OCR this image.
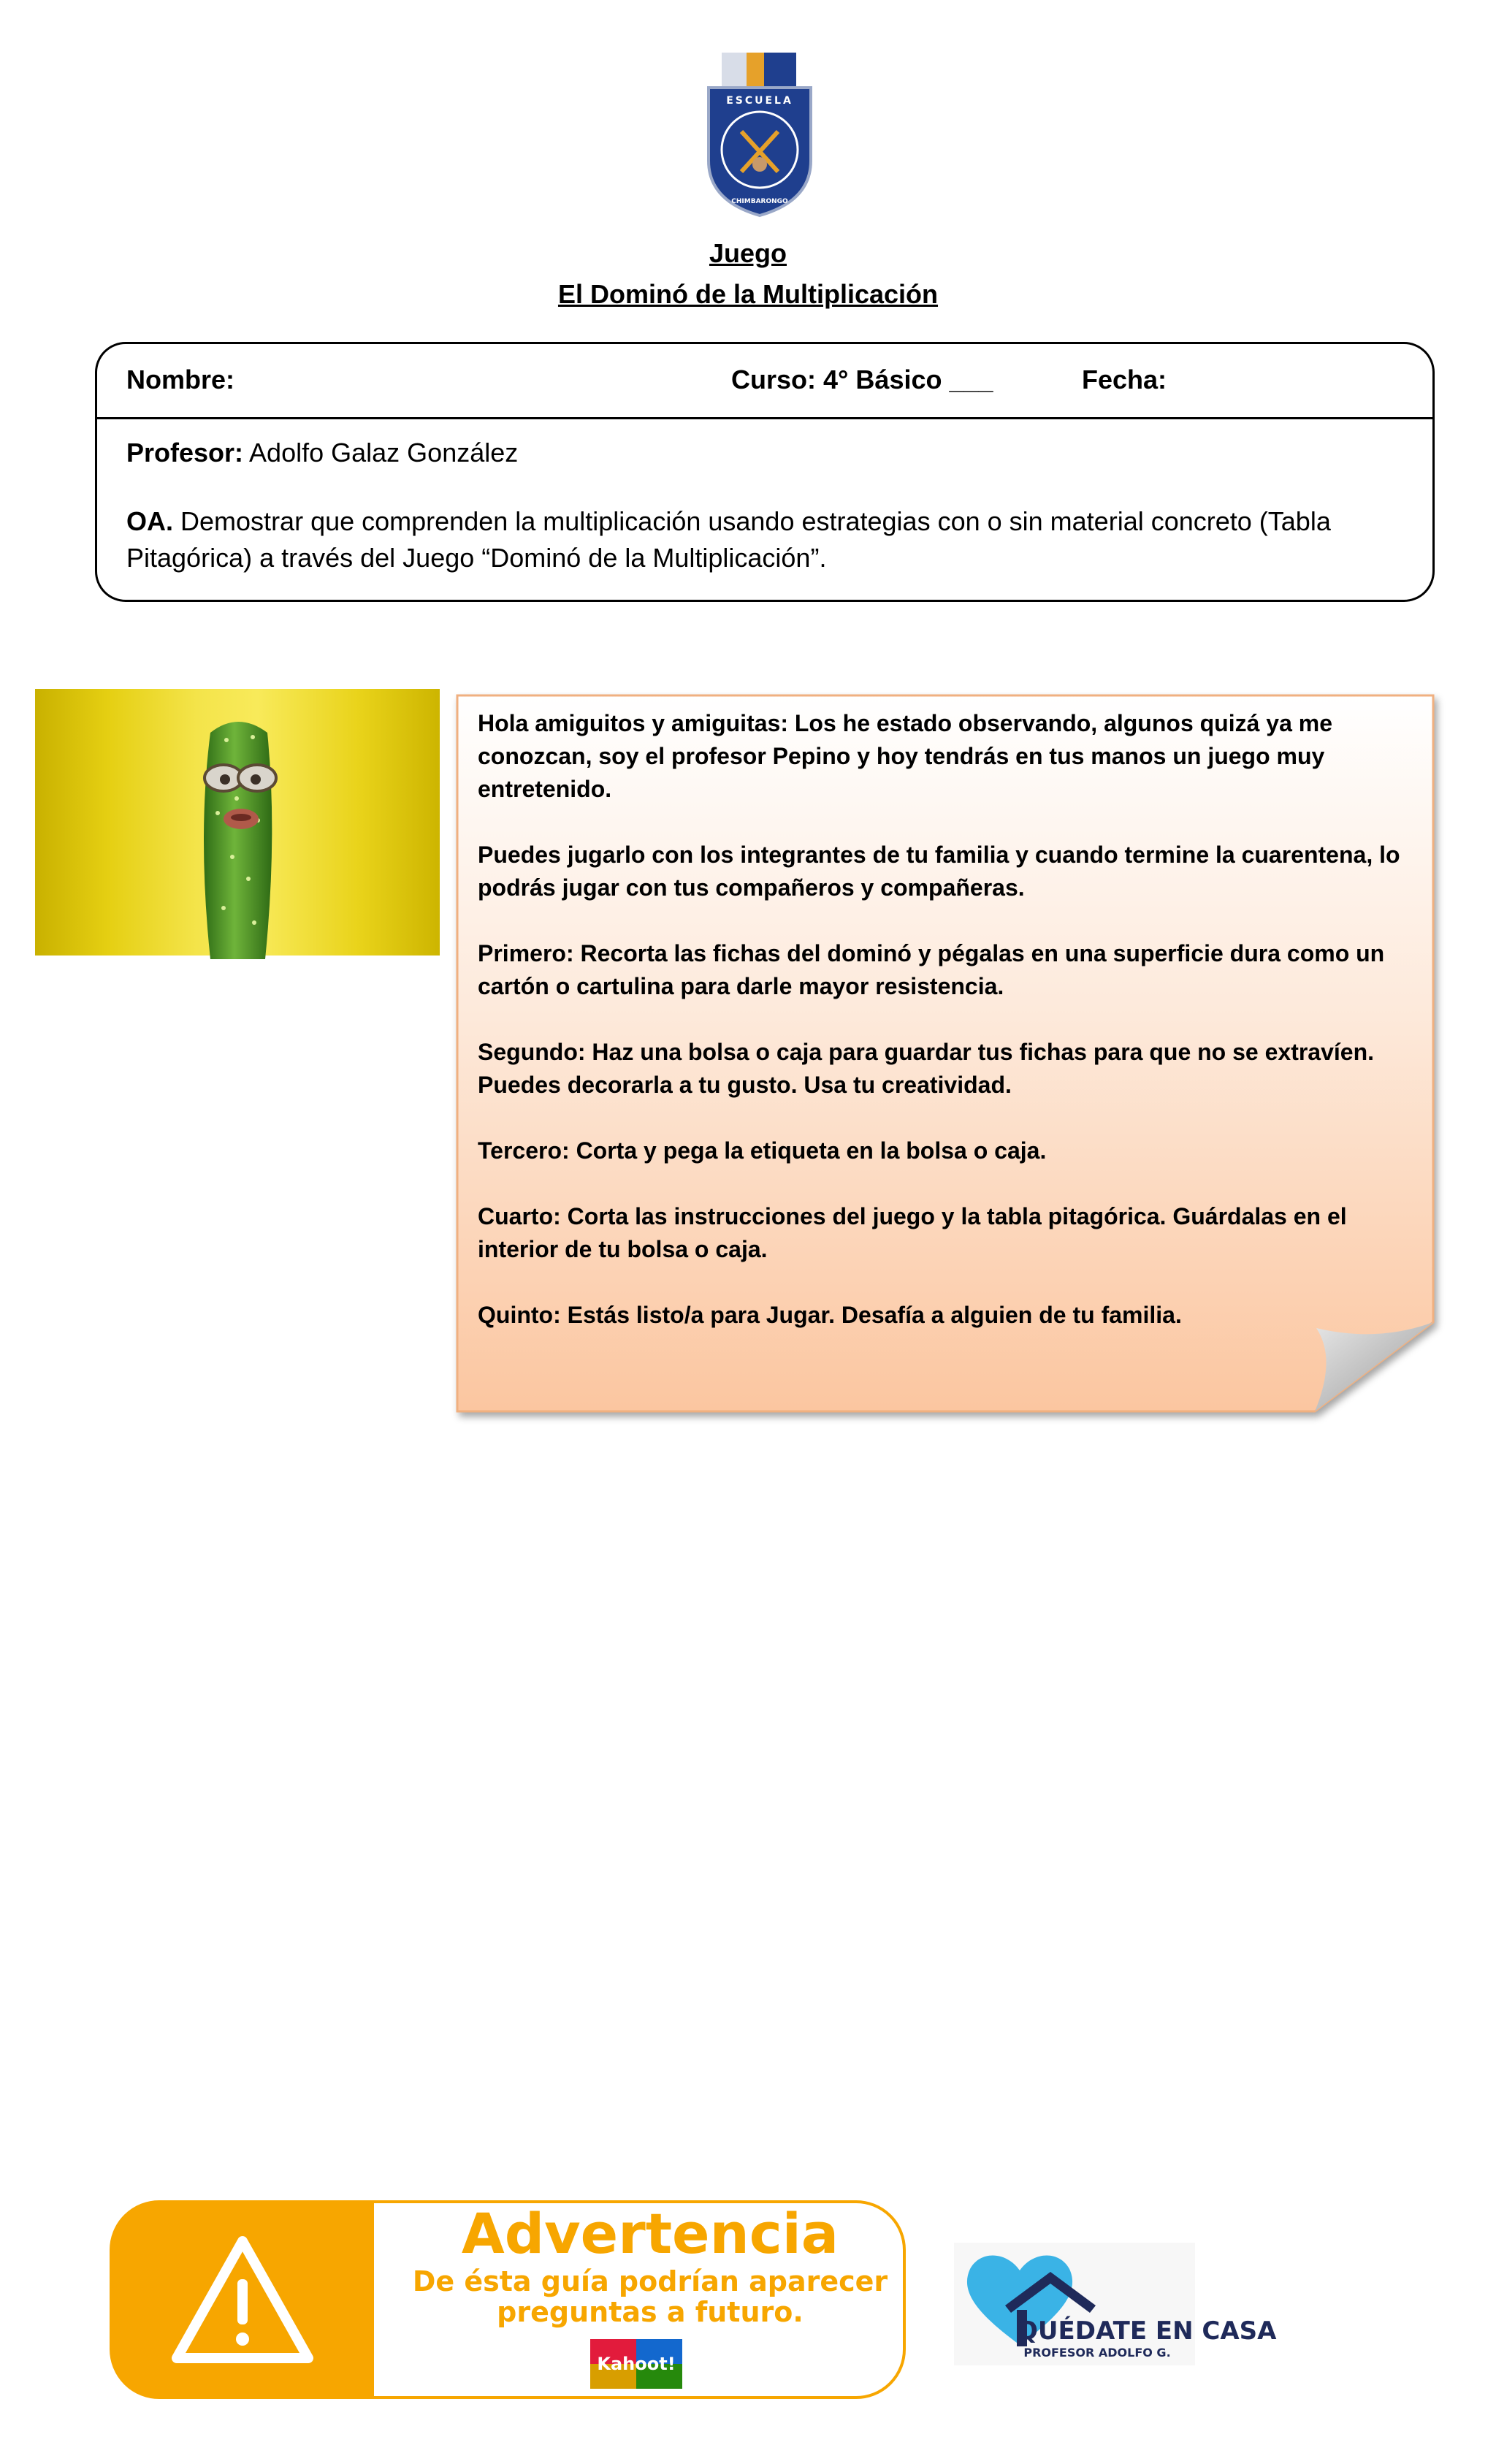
ESCUELA
CHIMBARONGO
Juego
El Dominó de la Multiplicación
Nombre:	Curso: 4° Básico ___	Fecha:
Profesor: Adolfo Galaz González
OA. Demostrar que comprenden la multiplicación usando estrategias con o sin material concreto (Tabla Pitagórica) a través del Juego “Dominó de la Multiplicación”.

Hola amiguitos y amiguitas: Los he estado observando, algunos quizá ya me conozcan, soy el profesor Pepino y hoy tendrás en tus manos un juego muy entretenido.

Puedes jugarlo con los integrantes de tu familia y cuando termine la cuarentena, lo podrás jugar con tus compañeros y compañeras.

Primero: Recorta las fichas del dominó y pégalas en una superficie dura como un cartón o cartulina para darle mayor resistencia.

Segundo: Haz una bolsa o caja para guardar tus fichas para que no se extravíen. Puedes decorarla a tu gusto. Usa tu creatividad.

Tercero: Corta y pega la etiqueta en la bolsa o caja.

Cuarto: Corta las instrucciones del juego y la tabla pitagórica. Guárdalas en el interior de tu bolsa o caja.

Quinto: Estás listo/a para Jugar. Desafía a alguien de tu familia.

Advertencia
De ésta guía podrían aparecer
preguntas a futuro.
Kahoot!
QUÉDATE EN CASA
PROFESOR ADOLFO G.
